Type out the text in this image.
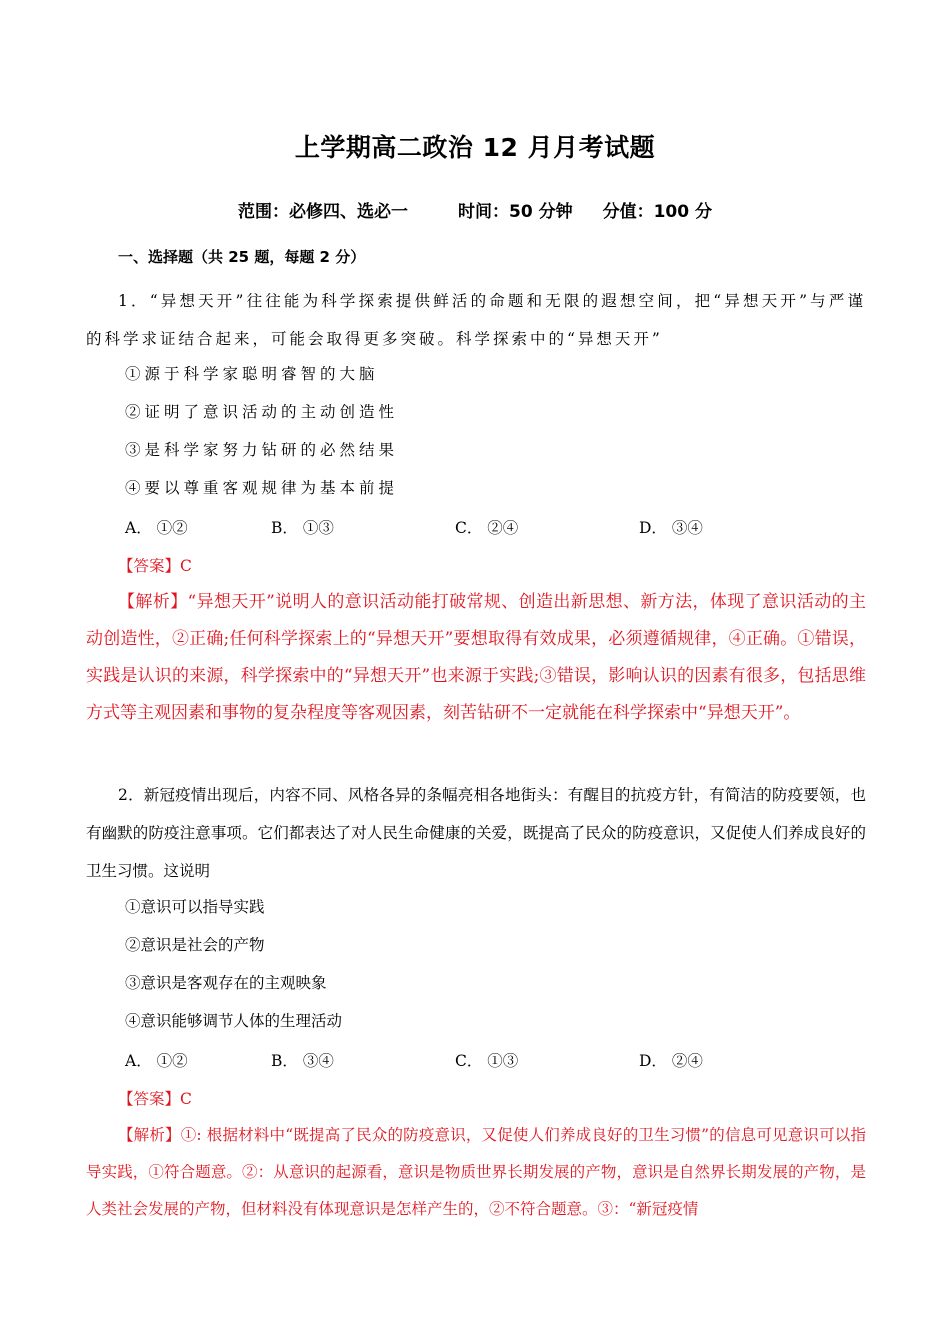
上学期高二政治 12 月月考试题
范围：必修四、选必一	时间：50 分钟 分值：100 分
一、选择题（共 25 题，每题 2 分）

1．“异想天开”往往能为科学探索提供鲜活的命题和无限的遐想空间，把“异想天开”与严谨的科学求证结合起来，可能会取得更多突破。科学探索中的“异想天开”

①源于科学家聪明睿智的大脑
②证明了意识活动的主动创造性
③是科学家努力钻研的必然结果
④要以尊重客观规律为基本前提
A． ①②	B． ①③	C． ②④	D． ③④
【答案】C

【解析】“异想天开”说明人的意识活动能打破常规、创造出新思想、新方法，体现了意识活动的主动创造性，②正确;任何科学探索上的“异想天开”要想取得有效成果，必须遵循规律，④正确。①错误，实践是认识的来源，科学探索中的“异想天开”也来源于实践;③错误，影响认识的因素有很多，包括思维方式等主观因素和事物的复杂程度等客观因素，刻苦钻研不一定就能在科学探索中“异想天开”。

2．新冠疫情出现后，内容不同、风格各异的条幅亮相各地街头：有醒目的抗疫方针，有简洁的防疫要领，也有幽默的防疫注意事项。它们都表达了对人民生命健康的关爱，既提高了民众的防疫意识，又促使人们养成良好的卫生习惯。这说明

①意识可以指导实践
②意识是社会的产物
③意识是客观存在的主观映象
④意识能够调节人体的生理活动
A． ①②	B． ③④	C． ①③	D． ②④
【答案】C

【解析】①: 根据材料中“既提高了民众的防疫意识，又促使人们养成良好的卫生习惯”的信息可见意识可以指导实践，①符合题意。②：从意识的起源看，意识是物质世界长期发展的产物，意识是自然界长期发展的产物，是人类社会发展的产物，但材料没有体现意识是怎样产生的，②不符合题意。③：“新冠疫情
